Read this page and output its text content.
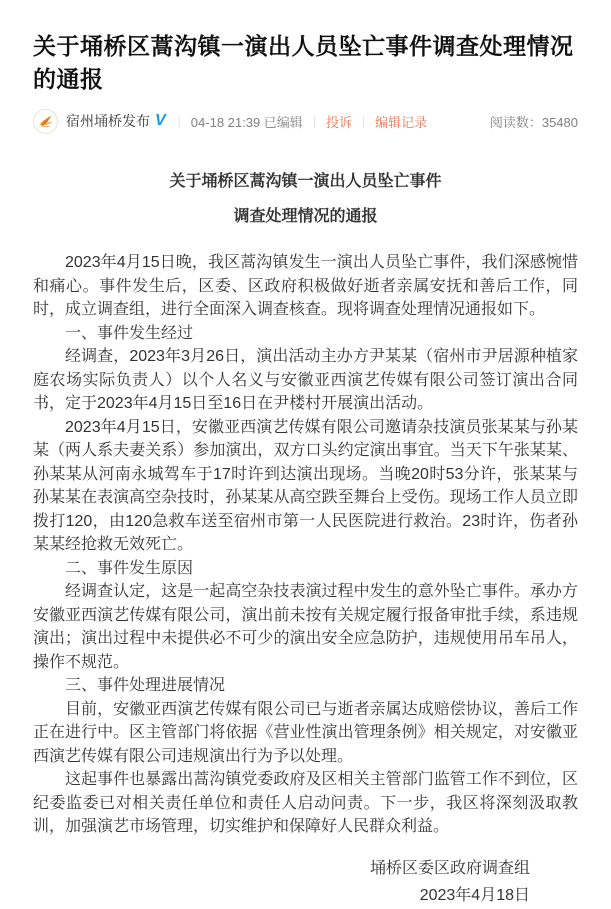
关于埇桥区蒿沟镇一演出人员坠亡事件调查处理情况的通报
宿州埇桥发布 V | 04-18 21:39 已编辑 | 投诉 | 编辑记录	阅读数：35480
关于埇桥区蒿沟镇一演出人员坠亡事件
调查处理情况的通报

2023年4月15日晚，我区蒿沟镇发生一演出人员坠亡事件，我们深感惋惜和痛心。事件发生后，区委、区政府积极做好逝者亲属安抚和善后工作，同时，成立调查组，进行全面深入调查核查。现将调查处理情况通报如下。

一、事件发生经过

经调查，2023年3月26日，演出活动主办方尹某某（宿州市尹居源种植家庭农场实际负责人）以个人名义与安徽亚西演艺传媒有限公司签订演出合同书，定于2023年4月15日至16日在尹楼村开展演出活动。

2023年4月15日，安徽亚西演艺传媒有限公司邀请杂技演员张某某与孙某某（两人系夫妻关系）参加演出，双方口头约定演出事宜。当天下午张某某、孙某某从河南永城驾车于17时许到达演出现场。当晚20时53分许，张某某与孙某某在表演高空杂技时，孙某某从高空跌至舞台上受伤。现场工作人员立即拨打120，由120急救车送至宿州市第一人民医院进行救治。23时许，伤者孙某某经抢救无效死亡。

二、事件发生原因

经调查认定，这是一起高空杂技表演过程中发生的意外坠亡事件。承办方安徽亚西演艺传媒有限公司，演出前未按有关规定履行报备审批手续，系违规演出；演出过程中未提供必不可少的演出安全应急防护，违规使用吊车吊人，操作不规范。

三、事件处理进展情况

目前，安徽亚西演艺传媒有限公司已与逝者亲属达成赔偿协议，善后工作正在进行中。区主管部门将依据《营业性演出管理条例》相关规定，对安徽亚西演艺传媒有限公司违规演出行为予以处理。

这起事件也暴露出蒿沟镇党委政府及区相关主管部门监管工作不到位，区纪委监委已对相关责任单位和责任人启动问责。下一步，我区将深刻汲取教训，加强演艺市场管理，切实维护和保障好人民群众利益。

埇桥区委区政府调查组
2023年4月18日
